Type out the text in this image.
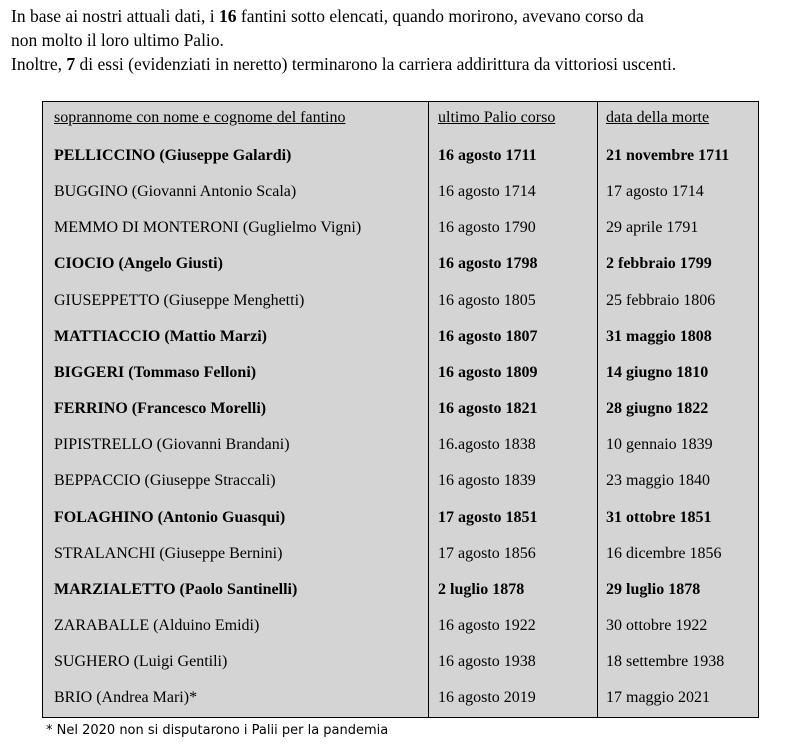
In base ai nostri attuali dati, i 16 fantini sotto elencati, quando morirono, avevano corso da

non molto il loro ultimo Palio.

Inoltre, 7 di essi (evidenziati in neretto) terminarono la carriera addirittura da vittoriosi uscenti.

soprannome con nome e cognome del fantino	ultimo Palio corso	data della morte
PELLICCINO (Giuseppe Galardi)	16 agosto 1711	21 novembre 1711
BUGGINO (Giovanni Antonio Scala)	16 agosto 1714	17 agosto 1714
MEMMO DI MONTERONI (Guglielmo Vigni)	16 agosto 1790	29 aprile 1791
CIOCIO (Angelo Giusti)	16 agosto 1798	2 febbraio 1799
GIUSEPPETTO (Giuseppe Menghetti)	16 agosto 1805	25 febbraio 1806
MATTIACCIO (Mattio Marzi)	16 agosto 1807	31 maggio 1808
BIGGERI (Tommaso Felloni)	16 agosto 1809	14 giugno 1810
FERRINO (Francesco Morelli)	16 agosto 1821	28 giugno 1822
PIPISTRELLO (Giovanni Brandani)	16.agosto 1838	10 gennaio 1839
BEPPACCIO (Giuseppe Straccali)	16 agosto 1839	23 maggio 1840
FOLAGHINO (Antonio Guasqui)	17 agosto 1851	31 ottobre 1851
STRALANCHI (Giuseppe Bernini)	17 agosto 1856	16 dicembre 1856
MARZIALETTO (Paolo Santinelli)	2 luglio 1878	29 luglio 1878
ZARABALLE (Alduino Emidi)	16 agosto 1922	30 ottobre 1922
SUGHERO (Luigi Gentili)	16 agosto 1938	18 settembre 1938
BRIO (Andrea Mari)*	16 agosto 2019	17 maggio 2021

* Nel 2020 non si disputarono i Palii per la pandemia
